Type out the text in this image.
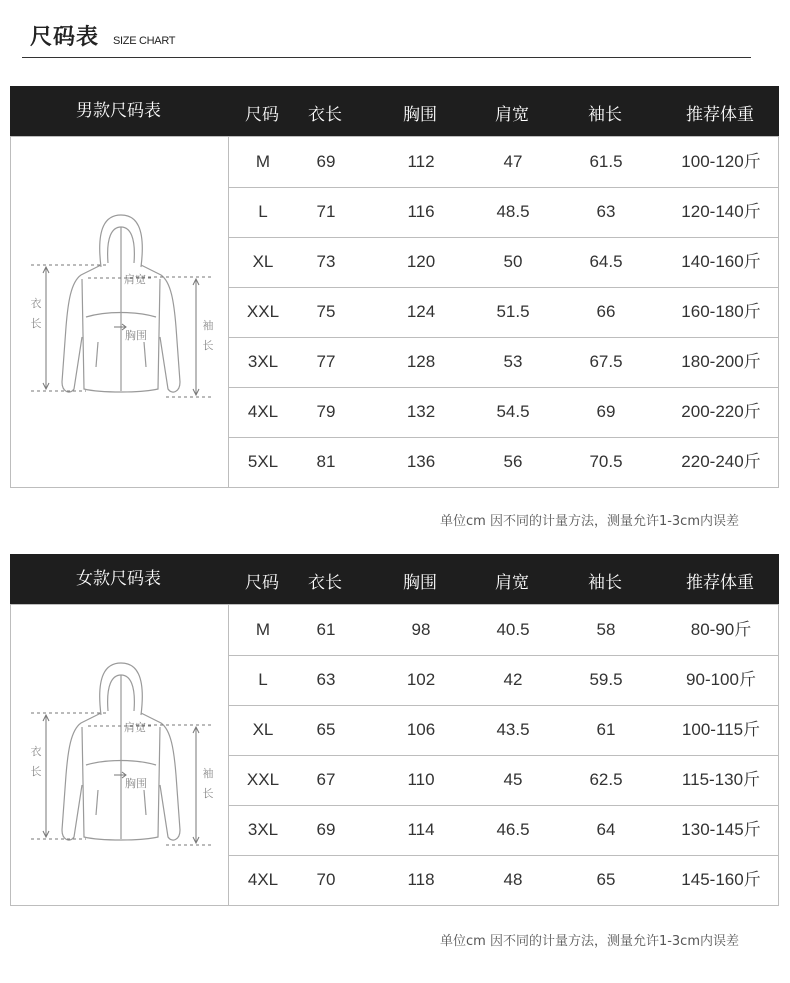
尺码表 SIZE CHART
男款尺码表	尺码	衣长	胸围	肩宽	袖长	推荐体重
衣
长	袖
长
肩宽
胸围
M	69	112	47	61.5	100-120斤
L	71	116	48.5	63	120-140斤
XL	73	120	50	64.5	140-160斤
XXL	75	124	51.5	66	160-180斤
3XL	77	128	53	67.5	180-200斤
4XL	79	132	54.5	69	200-220斤
5XL	81	136	56	70.5	220-240斤
单位cm 因不同的计量方法，测量允许1-3cm内误差
女款尺码表	尺码	衣长	胸围	肩宽	袖长	推荐体重
衣
长	袖
长
肩宽
胸围
M	61	98	40.5	58	80-90斤
L	63	102	42	59.5	90-100斤
XL	65	106	43.5	61	100-115斤
XXL	67	110	45	62.5	115-130斤
3XL	69	114	46.5	64	130-145斤
4XL	70	118	48	65	145-160斤
单位cm 因不同的计量方法，测量允许1-3cm内误差
